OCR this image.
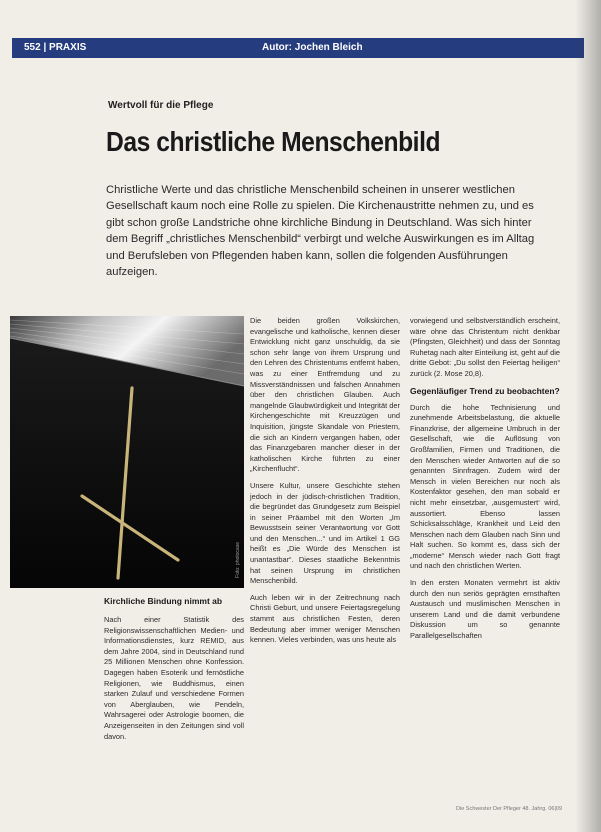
552 | PRAXIS	Autor: Jochen Bleich
Wertvoll für die Pflege
Das christliche Menschenbild
Christliche Werte und das christliche Menschenbild scheinen in unserer westlichen Gesellschaft kaum noch eine Rolle zu spielen. Die Kirchenaustritte nehmen zu, und es gibt schon große Landstriche ohne kirchliche Bindung in Deutschland. Was sich hinter dem Begriff „christliches Menschenbild“ verbirgt und welche Auswirkungen es im Alltag und Berufsleben von Pflegenden haben kann, sollen die folgenden Ausführungen aufzeigen.
Foto: photocase
Kirchliche Bindung nimmt ab

Nach einer Statistik des Religionswissenschaftlichen Medien- und Informationsdienstes, kurz REMID, aus dem Jahre 2004, sind in Deutschland rund 25 Millionen Menschen ohne Konfession. Dagegen haben Esoterik und fernöstliche Religionen, wie Buddhismus, einen starken Zulauf und verschiedene Formen von Aberglauben, wie Pendeln, Wahrsagerei oder Astrologie boomen, die Anzeigenseiten in den Zeitungen sind voll davon.

Die beiden großen Volkskirchen, evangelische und katholische, kennen dieser Entwicklung nicht ganz unschuldig, da sie schon sehr lange von ihrem Ursprung und den Lehren des Christentums entfernt haben, was zu einer Entfremdung und zu Missverständnissen und falschen Annahmen über den christlichen Glauben. Auch mangelnde Glaubwürdigkeit und Integrität der Kirchengeschichte mit Kreuzzügen und Inquisition, jüngste Skandale von Priestern, die sich an Kindern vergangen haben, oder das Finanzgebaren mancher dieser in der katholischen Kirche führten zu einer „Kirchenflucht“.

Unsere Kultur, unsere Geschichte stehen jedoch in der jüdisch-christlichen Tradition, die begründet das Grundgesetz zum Beispiel in seiner Präambel mit den Worten „Im Bewusstsein seiner Verantwortung vor Gott und den Menschen...“ und im Artikel 1 GG heißt es „Die Würde des Menschen ist unantastbar“. Dieses staatliche Bekenntnis hat seinen Ursprung im christlichen Menschenbild.

Auch leben wir in der Zeitrechnung nach Christi Geburt, und unsere Feiertagsregelung stammt aus christlichen Festen, deren Bedeutung aber immer weniger Menschen kennen. Vieles verbinden, was uns heute als

vorwiegend und selbstverständlich erscheint, wäre ohne das Christentum nicht denkbar (Pfingsten, Gleichheit) und dass der Sonntag Ruhetag nach alter Einteilung ist, geht auf die dritte Gebot: „Du sollst den Feiertag heiligen“ zurück (2. Mose 20,8).

Gegenläufiger Trend zu beobachten?

Durch die hohe Technisierung und zunehmende Arbeitsbelastung, die aktuelle Finanzkrise, der allgemeine Umbruch in der Gesellschaft, wie die Auflösung von Großfamilien, Firmen und Traditionen, die den Menschen wieder Antworten auf die so genannten Sinnfragen. Zudem wird der Mensch in vielen Bereichen nur noch als Kostenfaktor gesehen, den man sobald er nicht mehr einsetzbar, ‚ausgemustert‘ wird, aussortiert. Ebenso lassen Schicksalsschläge, Krankheit und Leid den Menschen nach dem Glauben nach Sinn und Halt suchen. So kommt es, dass sich der „moderne“ Mensch wieder nach Gott fragt und nach den christlichen Werten.

In den ersten Monaten vermehrt ist aktiv durch den nun seriös geprägten ernsthaften Austausch und muslimischen Menschen in unserem Land und die damit verbundene Diskussion um so genannte Parallelgesellschaften

Die Schwester Der Pfleger 48. Jahrg. 06|09
